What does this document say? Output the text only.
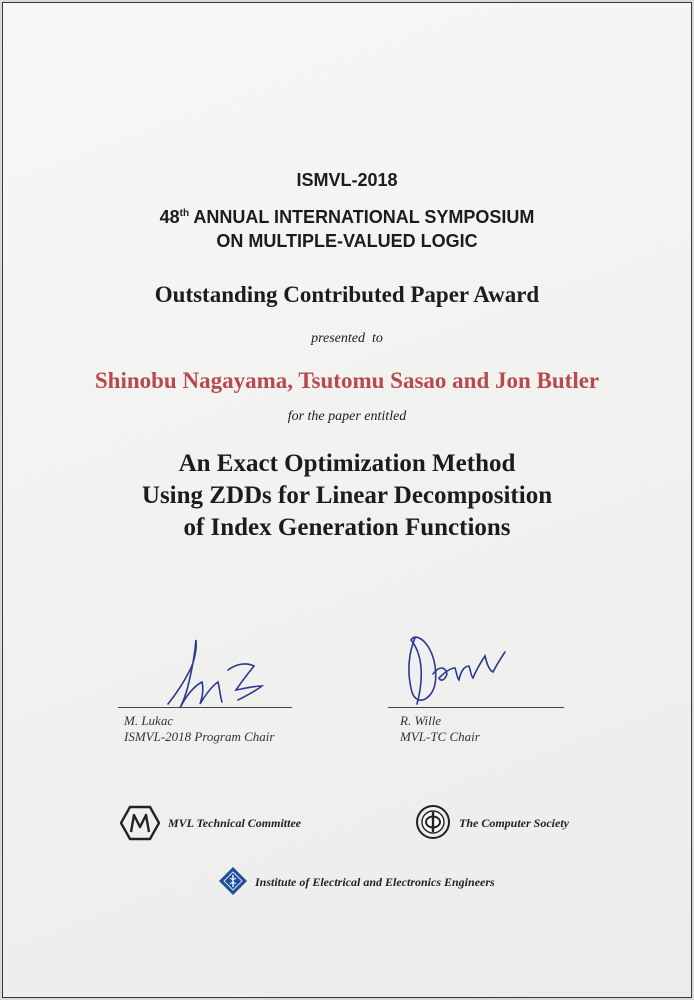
ISMVL-2018
48th ANNUAL INTERNATIONAL SYMPOSIUM
ON MULTIPLE-VALUED LOGIC
Outstanding Contributed Paper Award
presented  to
Shinobu Nagayama, Tsutomu Sasao and Jon Butler
for the paper entitled
An Exact Optimization Method
Using ZDDs for Linear Decomposition
of Index Generation Functions
M. Lukac
ISMVL-2018 Program Chair
R. Wille
MVL-TC Chair
MVL Technical Committee	The Computer Society
Institute of Electrical and Electronics Engineers
